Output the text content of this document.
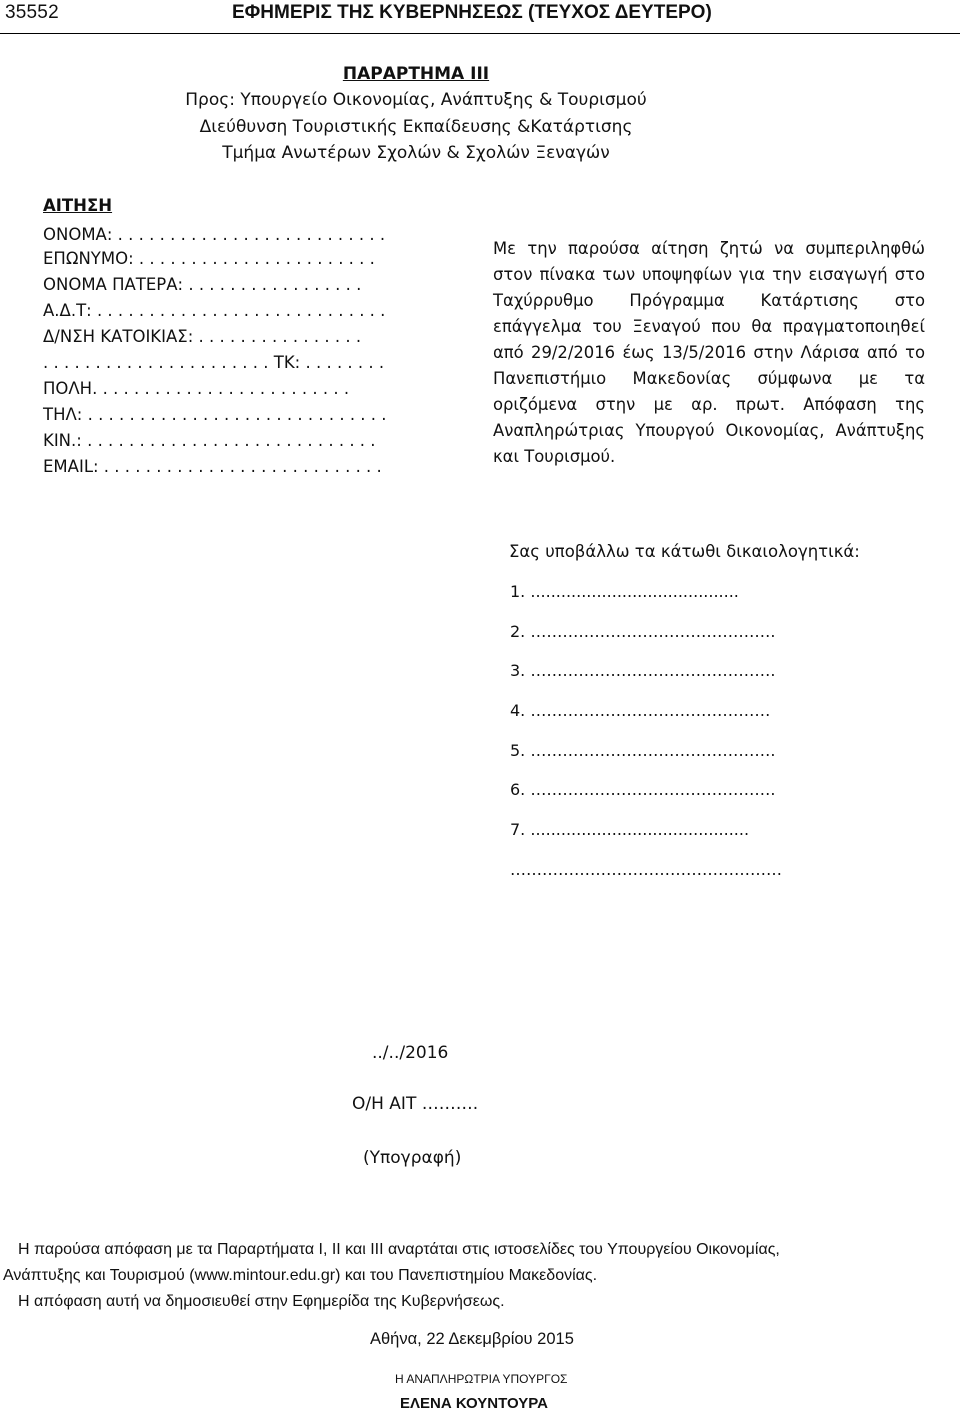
35552	ΕΦΗΜΕΡΙΣ ΤΗΣ ΚΥΒΕΡΝΗΣΕΩΣ (ΤΕΥΧΟΣ ΔΕΥΤΕΡΟ)
ΠΑΡΑΡΤΗΜΑ ΙΙΙ
Προς: Υπουργείο Οικονομίας, Ανάπτυξης & Τουρισμού
Διεύθυνση Τουριστικής Εκπαίδευσης &Κατάρτισης
Τμήμα Ανωτέρων Σχολών & Σχολών Ξεναγών
ΑΙΤΗΣΗ
ΟΝΟΜΑ: . . . . . . . . . . . . . . . . . . . . . . . . . .
ΕΠΩΝΥΜΟ: . . . . . . . . . . . . . . . . . . . . . . .
ΟΝΟΜΑ ΠΑΤΕΡΑ: . . . . . . . . . . . . . . . . .
Α.Δ.Τ: . . . . . . . . . . . . . . . . . . . . . . . . . . . .
Δ/ΝΣΗ ΚΑΤΟΙΚΙΑΣ: . . . . . . . . . . . . . . . .
. . . . . . . . . . . . . . . . . . . . . . ΤΚ: . . . . . . . .
ΠΟΛΗ. . . . . . . . . . . . . . . . . . . . . . . . .
ΤΗΛ: . . . . . . . . . . . . . . . . . . . . . . . . . . . . .
ΚΙΝ.: . . . . . . . . . . . . . . . . . . . . . . . . . . . .
EMAIL: . . . . . . . . . . . . . . . . . . . . . . . . . . .
Με την παρούσα αίτηση ζητώ να συμπεριληφθώ στον πίνακα των υποψηφίων για την εισαγωγή στο Ταχύρρυθμο Πρόγραμμα Κατάρτισης στο επάγγελμα του Ξεναγού που θα πραγματοποιηθεί από 29/2/2016 έως 13/5/2016 στην Λάρισα από το Πανεπιστήμιο Μακεδονίας σύμφωνα με τα οριζόμενα στην με αρ. πρωτ. Απόφαση της Αναπληρώτριας Υπουργού Οικονομίας, Ανάπτυξης και Τουρισμού.
Σας υποβάλλω τα κάτωθι δικαιολογητικά:
1. .........................................
2. ……………………………………….
3. ……………………………………….
4. ………………………………………
5. ……………………………………….
6. ……………………………………….
7. ...........................................
……………………………………………
../../2016
Ο/Η ΑΙΤ ……….
(Υπογραφή)
Η παρούσα απόφαση με τα Παραρτήματα Ι, ΙΙ και ΙΙΙ αναρτάται στις ιστοσελίδες του Υπουργείου Οικονομίας,
Ανάπτυξης και Τουρισμού (www.mintour.edu.gr) και του Πανεπιστημίου Μακεδονίας.
Η απόφαση αυτή να δημοσιευθεί στην Εφημερίδα της Κυβερνήσεως.
Αθήνα, 22 Δεκεμβρίου 2015
Η ΑΝΑΠΛΗΡΩΤΡΙΑ ΥΠΟΥΡΓΟΣ
ΕΛΕΝΑ ΚΟΥΝΤΟΥΡΑ
